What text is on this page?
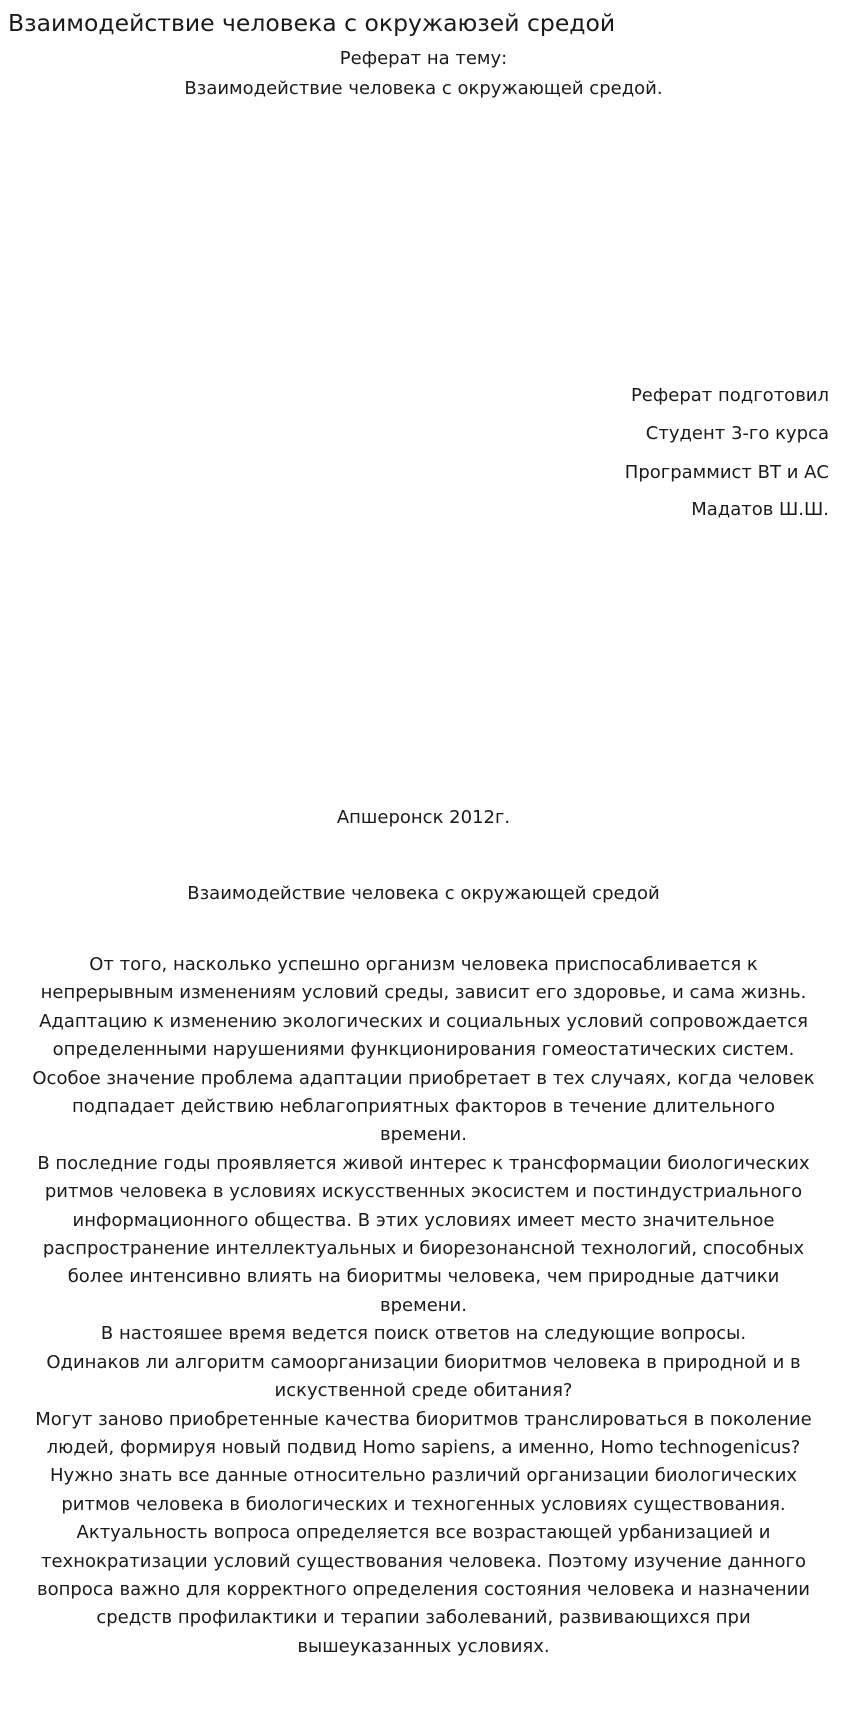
Взаимодействие человека с окружаюзей средой
Реферат на тему:
Взаимодействие человека с окружающей средой.
Реферат подготовил
Студент 3-го курса
Программист ВТ и АС
Мадатов Ш.Ш.
Апшеронск 2012г.
Взаимодействие человека с окружающей средой
От того, насколько успешно организм человека приспосабливается к
непрерывным изменениям условий среды, зависит его здоровье, и сама жизнь.
Адаптацию к изменению экологических и социальных условий сопровождается
определенными нарушениями функционирования гомеостатических систем.
Особое значение проблема адаптации приобретает в тех случаях, когда человек
подпадает действию неблагоприятных факторов в течение длительного
времени.
В последние годы проявляется живой интерес к трансформации биологических
ритмов человека в условиях искусственных экосистем и постиндустриального
информационного общества. В этих условиях имеет место значительное
распространение интеллектуальных и биорезонансной технологий, способных
более интенсивно влиять на биоритмы человека, чем природные датчики
времени.
В настояшее время ведется поиск ответов на следующие вопросы.
Одинаков ли алгоритм самоорганизации биоритмов человека в природной и в
искуственной среде обитания?
Могут заново приобретенные качества биоритмов транслироваться в поколение
людей, формируя новый подвид Homo sapiens, а именно, Homo technogenicus?
Нужно знать все данные относительно различий организации биологических
ритмов человека в биологических и техногенных условиях существования.
Актуальность вопроса определяется все возрастающей урбанизацией и
технократизации условий существования человека. Поэтому изучение данного
вопроса важно для корректного определения состояния человека и назначении
средств профилактики и терапии заболеваний, развивающихся при
вышеуказанных условиях.
